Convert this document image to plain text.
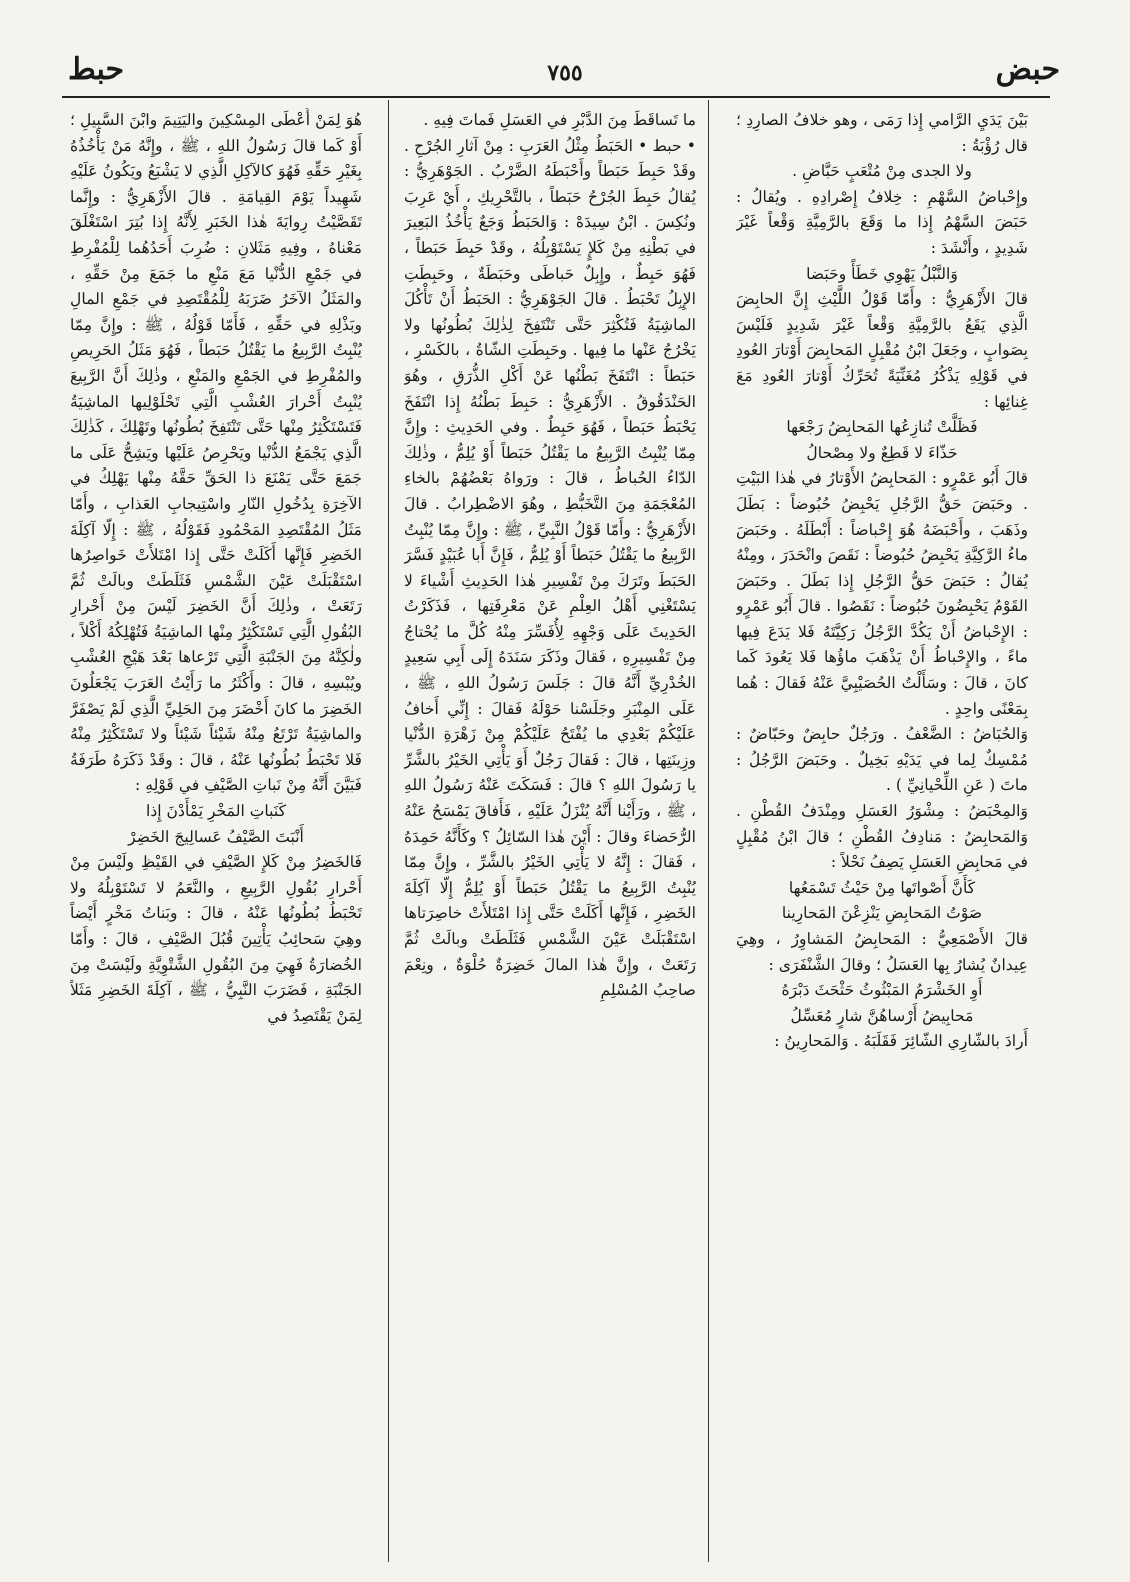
حبض
٧٥٥
حبط

بَيْنَ يَدَيِ الرَّامي إِذا رَمَى ، وهو خلافُ الصارِدِ ؛ قال رُؤْبَةُ :

ولا الجدى مِنْ مُتْعَبٍ حَبَّاضِ .

وإِحْباضُ السَّهْمِ : خِلافُ إِصْرادِهِ . ويُقالُ : حَبَضَ السَّهْمُ إِذا ما وَقَعَ بالرَّمِيَّةِ وَقْعاً غَيْرَ شَدِيدٍ ، وأَنْشَدَ :

وَالنَّبْلُ يَهْوِي خَطَأً وحَبَضا

قالَ الأَزْهَرِيُّ : وأَمّا قَوْلُ اللَّيْثِ إِنَّ الحابِضَ الَّذِي يَقَعُ بالرَّمِيَّةِ وَقْعاً غَيْرَ شَدِيدٍ فَلَيْسَ بِصَوابٍ ، وجَعَلَ ابْنُ مُقْبِلٍ المَحابِضَ أَوْتارَ العُودِ في قَوْلِهِ يَذْكُرُ مُغَنِّيَةً تُحَرِّكُ أَوْتارَ العُودِ مَعَ غِنائِها :

فَظَلَّتْ تُنازِعُها المَحابِضُ رَجْعَها

حَذّاءَ لا قَطِعٌ ولا مِصْحالُ

قالَ أَبُو عَمْرٍو : المَحابِضُ الأَوْتارُ في هٰذا البَيْتِ . وحَبَضَ حَقُّ الرَّجُلِ يَحْبِضُ حُبُوضاً : بَطَلَ وذَهَبَ ، وأَحْبَضَهُ هُوَ إِحْباضاً : أَبْطَلَهُ . وحَبَضَ ماءُ الرَّكِيَّةِ يَحْبِضُ حُبُوضاً : نَقَصَ وانْحَدَرَ ، ومِنْهُ يُقالُ : حَبَضَ حَقُّ الرَّجُلِ إِذا بَطَلَ . وحَبَضَ القَوْمُ يَحْبِضُونَ حُبُوضاً : نَقَصُوا . قالَ أَبُو عَمْرٍو : الإِحْباضُ أَنْ يَكُدَّ الرَّجُلُ رَكِيَّتَهُ فَلا يَدَعَ فِيها ماءً ، والإِحْباطُ أَنْ يَذْهَبَ ماؤُها فَلا يَعُودَ كَما كانَ ، قالَ : وسَأَلْتُ الحُصَيْبِيَّ عَنْهُ فَقالَ : هُما بِمَعْنًى واحِدٍ .

وَالحُبَاضُ : الضَّعْفُ . ورَجُلٌ حابِضٌ وحَبّاضٌ : مُمْسِكٌ لِما في يَدَيْهِ بَخِيلٌ . وحَبَضَ الرَّجُلُ : ماتَ ( عَنِ اللِّحْيانِيِّ ) .

وَالمِحْبَضُ : مِشْوَرُ العَسَلِ ومِنْدَفُ القُطْنِ . وَالمَحابِضُ : مَنادِفُ القُطْنِ ؛ قالَ ابْنُ مُقْبِلٍ في مَحابِضِ العَسَلِ يَصِفُ نَحْلاً :

كَأَنَّ أَصْواتَها مِنْ حَيْثُ تَسْمَعُها

صَوْتُ المَحابِضِ يَنْزِعْنَ المَحارِينا

قالَ الأَصْمَعِيُّ : المَحابِضُ المَشاوِرُ ، وهِيَ عِيدانٌ يُشارُ بِها العَسَلُ ؛ وقالَ الشَّنْفَرَى :

أَوِ الخَشْرَمُ المَبْثُوثُ حَثْحَثَ دَبْرَهُ

مَحابِيضُ أَرْساهُنَّ شارٍ مُعَسِّلُ

أَرادَ بالشّارِي الشّائِرَ فَقَلَبَهُ . وَالمَحارِينُ :

ما تَساقَطَ مِنَ الدَّبْرِ في العَسَلِ فَماتَ فِيهِ .

• حبط • الحَبَطُ مِثْلُ العَرَبِ : مِنْ آثارِ الجُرْحِ . وقَدْ حَبِطَ حَبَطاً وأَحْبَطَهُ الضَّرْبُ . الجَوْهَرِيُّ : يُقالُ حَبِطَ الجُرْحُ حَبَطاً ، بالتَّحْرِيكِ ، أَيْ عَرِبَ ونُكِسَ . ابْنُ سِيدَهْ : وَالحَبَطُ وَجَعٌ يَأْخُذُ البَعِيرَ في بَطْنِهِ مِنْ كَلإٍ يَسْتَوْبِلُهُ ، وقَدْ حَبِطَ حَبَطاً ، فَهُوَ حَبِطٌ ، وإِبِلٌ حَباطَى وحَبَطَةٌ ، وحَبِطَتِ الإِبِلُ تَحْبَطُ . قالَ الجَوْهَرِيُّ : الحَبَطُ أَنْ تَأْكُلَ الماشِيَةُ فَتُكْثِرَ حَتَّى تَنْتَفِخَ لِذٰلِكَ بُطُونُها ولا يَخْرُجُ عَنْها ما فِيها . وحَبِطَتِ الشّاةُ ، بالكَسْرِ ، حَبَطاً : انْتَفَخَ بَطْنُها عَنْ أَكْلِ الذُّرَقِ ، وهُوَ الحَنْدَقُوقُ . الأَزْهَرِيُّ : حَبِطَ بَطْنُهُ إِذا انْتَفَخَ يَحْبَطُ حَبَطاً ، فَهُوَ حَبِطٌ . وفي الحَدِيثِ : وإِنَّ مِمّا يُنْبِتُ الرَّبِيعُ ما يَقْتُلُ حَبَطاً أَوْ يُلِمُّ ، وذٰلِكَ الدّاءُ الحُباطُ ، قالَ : ورَواهُ بَعْضُهُمْ بالخاءِ المُعْجَمَةِ مِنَ التَّخَبُّطِ ، وهُوَ الاضْطِرابُ . قالَ الأَزْهَرِيُّ : وأَمّا قَوْلُ النَّبِيِّ ، ﷺ : وإِنَّ مِمّا يُنْبِتُ الرَّبِيعُ ما يَقْتُلُ حَبَطاً أَوْ يُلِمُّ ، فَإِنَّ أَبا عُبَيْدٍ فَسَّرَ الحَبَطَ وتَرَكَ مِنْ تَفْسِيرِ هٰذا الحَدِيثِ أَشْياءَ لا يَسْتَغْنِي أَهْلُ العِلْمِ عَنْ مَعْرِفَتِها ، فَذَكَرْتُ الحَدِيثَ عَلَى وَجْهِهِ لِأُفَسِّرَ مِنْهُ كُلَّ ما يُحْتاجُ مِنْ تَفْسِيرِهِ ، فَقالَ وذَكَرَ سَنَدَهُ إِلَى أَبِي سَعِيدٍ الخُدْرِيِّ أَنَّهُ قالَ : جَلَسَ رَسُولُ اللهِ ، ﷺ ، عَلَى المِنْبَرِ وجَلَسْنا حَوْلَهُ فَقالَ : إِنِّي أَخافُ عَلَيْكُمْ بَعْدِي ما يُفْتَحُ عَلَيْكُمْ مِنْ زَهْرَةِ الدُّنْيا وزِينَتِها ، قالَ : فَقالَ رَجُلٌ أَوَ يَأْتِي الخَيْرُ بالشَّرِّ يا رَسُولَ اللهِ ؟ قالَ : فَسَكَتَ عَنْهُ رَسُولُ اللهِ ، ﷺ ، ورَأَيْنا أَنَّهُ يُنْزَلُ عَلَيْهِ ، فَأَفاقَ يَمْسَحُ عَنْهُ الرُّحَضاءَ وقالَ : أَيْنَ هٰذا السّائِلُ ؟ وكَأَنَّهُ حَمِدَهُ ، فَقالَ : إِنَّهُ لا يَأْتِي الخَيْرُ بالشَّرِّ ، وإِنَّ مِمّا يُنْبِتُ الرَّبِيعُ ما يَقْتُلُ حَبَطاً أَوْ يُلِمُّ إِلّا آكِلَةَ الخَضِرِ ، فَإِنَّها أَكَلَتْ حَتَّى إِذا امْتَلأَتْ خاصِرَتاها اسْتَقْبَلَتْ عَيْنَ الشَّمْسِ فَثَلَطَتْ وبالَتْ ثُمَّ رَتَعَتْ ، وإِنَّ هٰذا المالَ خَضِرَةٌ حُلْوَةٌ ، ونِعْمَ صاحِبُ المُسْلِمِ

هُوَ لِمَنْ أَعْطَى المِسْكِينَ واليَتِيمَ وابْنَ السَّبِيلِ ؛ أَوْ كَما قالَ رَسُولُ اللهِ ، ﷺ ، وإِنَّهُ مَنْ يَأْخُذُهُ بِغَيْرِ حَقِّهِ فَهُوَ كالآكِلِ الَّذِي لا يَشْبَعُ ويَكُونُ عَلَيْهِ شَهِيداً يَوْمَ القِيامَةِ . قالَ الأَزْهَرِيُّ : وإِنَّما تَقَصَّيْتُ رِوايَةَ هٰذا الخَبَرِ لِأَنَّهُ إِذا بُتِرَ اسْتَغْلَقَ مَعْناهُ ، وفِيهِ مَثَلانِ : ضُرِبَ أَحَدُهُما لِلْمُفْرِطِ في جَمْعِ الدُّنْيا مَعَ مَنْعِ ما جَمَعَ مِنْ حَقِّهِ ، والمَثَلُ الآخَرُ ضَرَبَهُ لِلْمُقْتَصِدِ في جَمْعِ المالِ وبَذْلِهِ في حَقِّهِ ، فَأَمّا قَوْلُهُ ، ﷺ : وإِنَّ مِمّا يُنْبِتُ الرَّبِيعُ ما يَقْتُلُ حَبَطاً ، فَهُوَ مَثَلُ الحَرِيصِ والمُفْرِطِ في الجَمْعِ والمَنْعِ ، وذٰلِكَ أَنَّ الرَّبِيعَ يُنْبِتُ أَحْرارَ العُشْبِ الَّتِي تَحْلَوْلِيها الماشِيَةُ فَتَسْتَكْثِرُ مِنْها حَتَّى تَنْتَفِخَ بُطُونُها وتَهْلِكَ ، كَذٰلِكَ الَّذِي يَجْمَعُ الدُّنْيا ويَحْرِصُ عَلَيْها ويَشِحُّ عَلَى ما جَمَعَ حَتَّى يَمْنَعَ ذا الحَقِّ حَقَّهُ مِنْها يَهْلِكُ في الآخِرَةِ بِدُخُولِ النّارِ واسْتِيجابِ العَذابِ ، وأَمّا مَثَلُ المُقْتَصِدِ المَحْمُودِ فَقَوْلُهُ ، ﷺ : إِلّا آكِلَةَ الخَضِرِ فَإِنَّها أَكَلَتْ حَتَّى إِذا امْتَلأَتْ خَواصِرُها اسْتَقْبَلَتْ عَيْنَ الشَّمْسِ فَثَلَطَتْ وبالَتْ ثُمَّ رَتَعَتْ ، وذٰلِكَ أَنَّ الخَضِرَ لَيْسَ مِنْ أَحْرارِ البُقُولِ الَّتِي تَسْتَكْثِرُ مِنْها الماشِيَةُ فَتُهْلِكُهُ أَكْلاً ، ولٰكِنَّهُ مِنَ الجَنْبَةِ الَّتِي تَرْعاها بَعْدَ هَيْجِ العُشْبِ ويُبْسِهِ ، قالَ : وأَكْثَرُ ما رَأَيْتُ العَرَبَ يَجْعَلُونَ الخَضِرَ ما كانَ أَخْضَرَ مِنَ الحَلِيِّ الَّذِي لَمْ يَصْفَرَّ والماشِيَةُ تَرْتَعُ مِنْهُ شَيْئاً شَيْئاً ولا تَسْتَكْثِرُ مِنْهُ فَلا تَحْبَطُ بُطُونُها عَنْهُ ، قالَ : وقَدْ ذَكَرَهُ طَرَفَةُ فَبَيَّنَ أَنَّهُ مِنْ نَباتِ الصَّيْفِ في قَوْلِهِ :

كَنَباتِ المَخْرِ يَمْأَدْنَ إِذا

أَنْبَتَ الصَّيْفُ عَسالِيجَ الخَضِرْ

فَالخَضِرُ مِنْ كَلإِ الصَّيْفِ في القَيْظِ ولَيْسَ مِنْ أَحْرارِ بُقُولِ الرَّبِيعِ ، والنَّعَمُ لا تَسْتَوْبِلُهُ ولا تَحْبَطُ بُطُونُها عَنْهُ ، قالَ : وبَناتُ مَخْرٍ أَيْضاً وهِيَ سَحائِبُ يَأْتِينَ قُبُلَ الصَّيْفِ ، قالَ : وأَمّا الخُضارَةُ فَهِيَ مِنَ البُقُولِ الشَّتْوِيَّةِ ولَيْسَتْ مِنَ الجَنْبَةِ ، فَضَرَبَ النَّبِيُّ ، ﷺ ، آكِلَةَ الخَضِرِ مَثَلاً لِمَنْ يَقْتَصِدُ في
